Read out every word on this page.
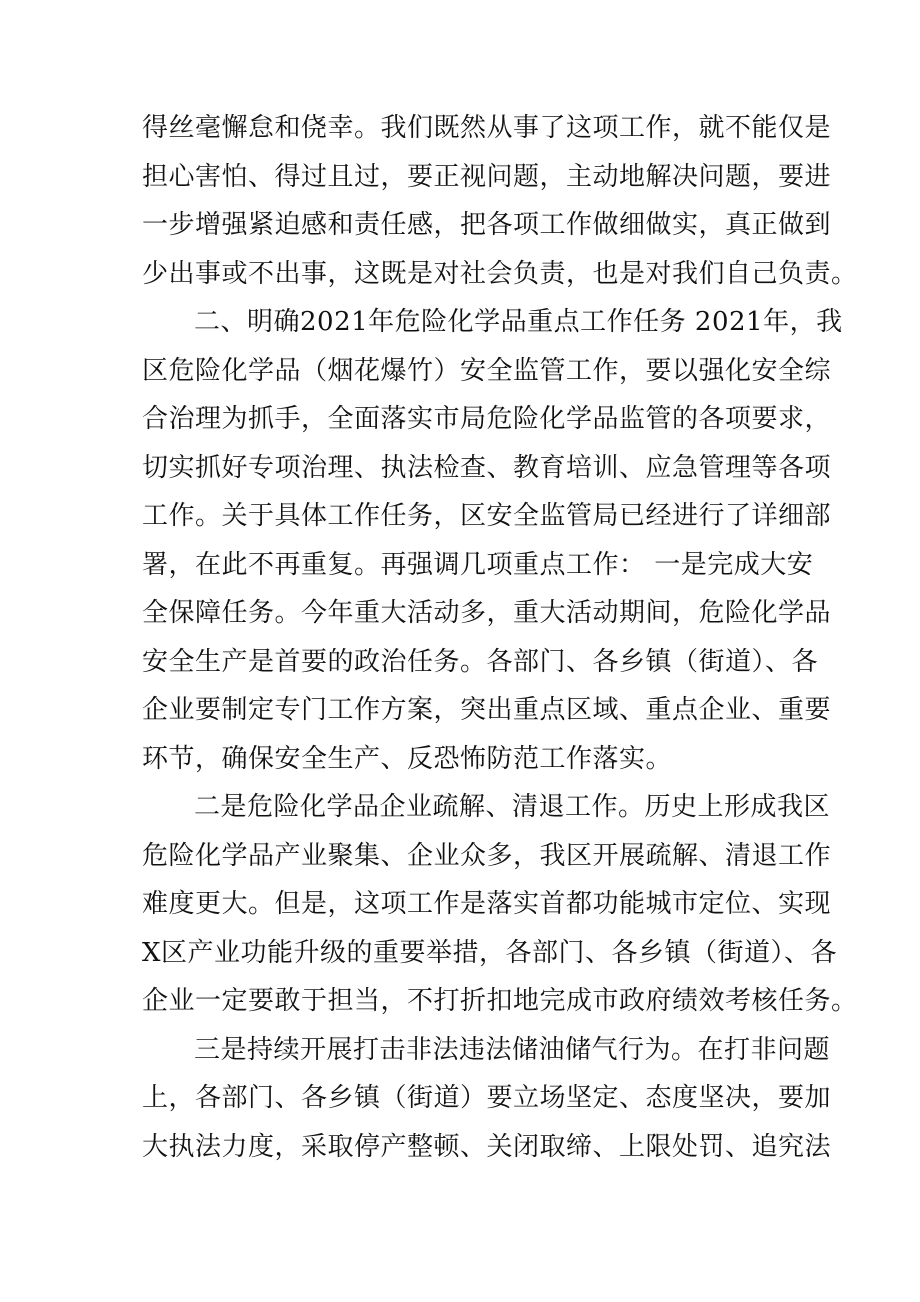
得丝毫懈怠和侥幸。我们既然从事了这项工作，就不能仅是
担心害怕、得过且过，要正视问题，主动地解决问题，要进
一步增强紧迫感和责任感，把各项工作做细做实，真正做到
少出事或不出事，这既是对社会负责，也是对我们自己负责。
二、明确2021年危险化学品重点工作任务 2021年，我
区危险化学品（烟花爆竹）安全监管工作，要以强化安全综
合治理为抓手，全面落实市局危险化学品监管的各项要求，
切实抓好专项治理、执法检查、教育培训、应急管理等各项
工作。关于具体工作任务，区安全监管局已经进行了详细部
署，在此不再重复。再强调几项重点工作： 一是完成大安
全保障任务。今年重大活动多，重大活动期间，危险化学品
安全生产是首要的政治任务。各部门、各乡镇（街道）、各
企业要制定专门工作方案，突出重点区域、重点企业、重要
环节，确保安全生产、反恐怖防范工作落实。
二是危险化学品企业疏解、清退工作。历史上形成我区
危险化学品产业聚集、企业众多，我区开展疏解、清退工作
难度更大。但是，这项工作是落实首都功能城市定位、实现
X区产业功能升级的重要举措，各部门、各乡镇（街道）、各
企业一定要敢于担当，不打折扣地完成市政府绩效考核任务。
三是持续开展打击非法违法储油储气行为。在打非问题
上，各部门、各乡镇（街道）要立场坚定、态度坚决，要加
大执法力度，采取停产整顿、关闭取缔、上限处罚、追究法
